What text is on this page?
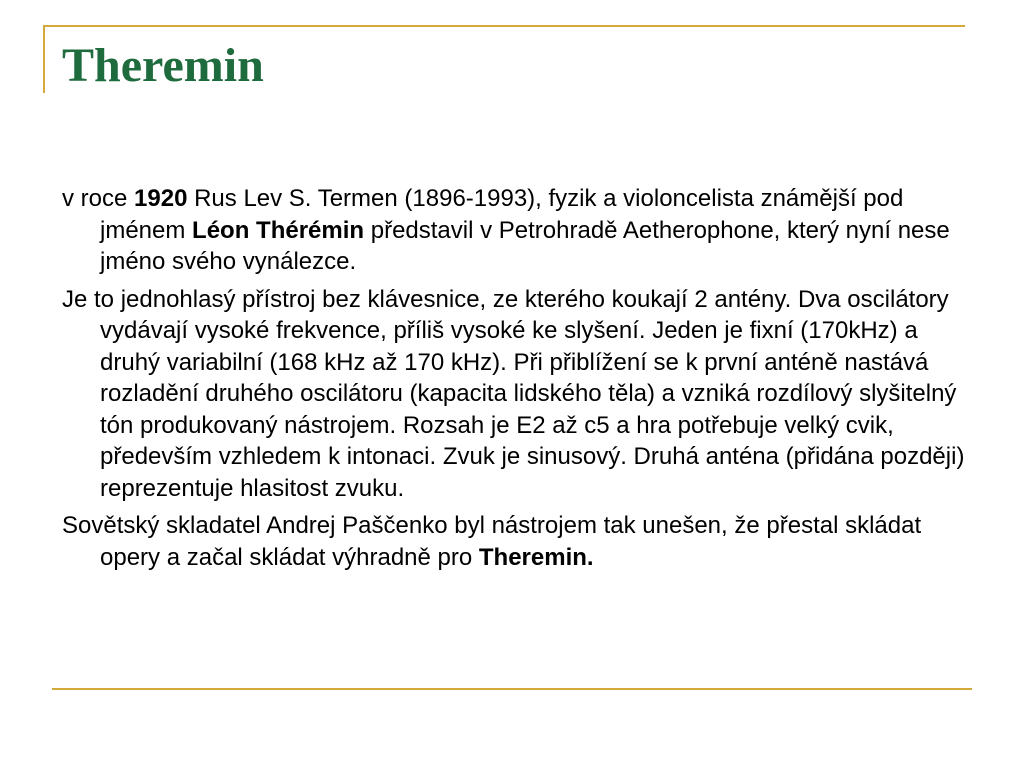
Theremin

v roce 1920 Rus Lev S. Termen (1896-1993), fyzik a violoncelista známější pod jménem Léon Thérémin představil v Petrohradě Aetherophone, který nyní nese jméno svého vynálezce.

Je to jednohlasý přístroj bez klávesnice, ze kterého koukají 2 antény. Dva oscilátory vydávají vysoké frekvence, příliš vysoké ke slyšení. Jeden je fixní (170kHz) a druhý variabilní (168 kHz až 170 kHz). Při přiblížení se k první anténě nastává rozladění druhého oscilátoru (kapacita lidského těla) a vzniká rozdílový slyšitelný tón produkovaný nástrojem. Rozsah je E2 až c5 a hra potřebuje velký cvik, především vzhledem k intonaci. Zvuk je sinusový. Druhá anténa (přidána později) reprezentuje hlasitost zvuku.

Sovětský skladatel Andrej Paščenko byl nástrojem tak unešen, že přestal skládat opery a začal skládat výhradně pro Theremin.
